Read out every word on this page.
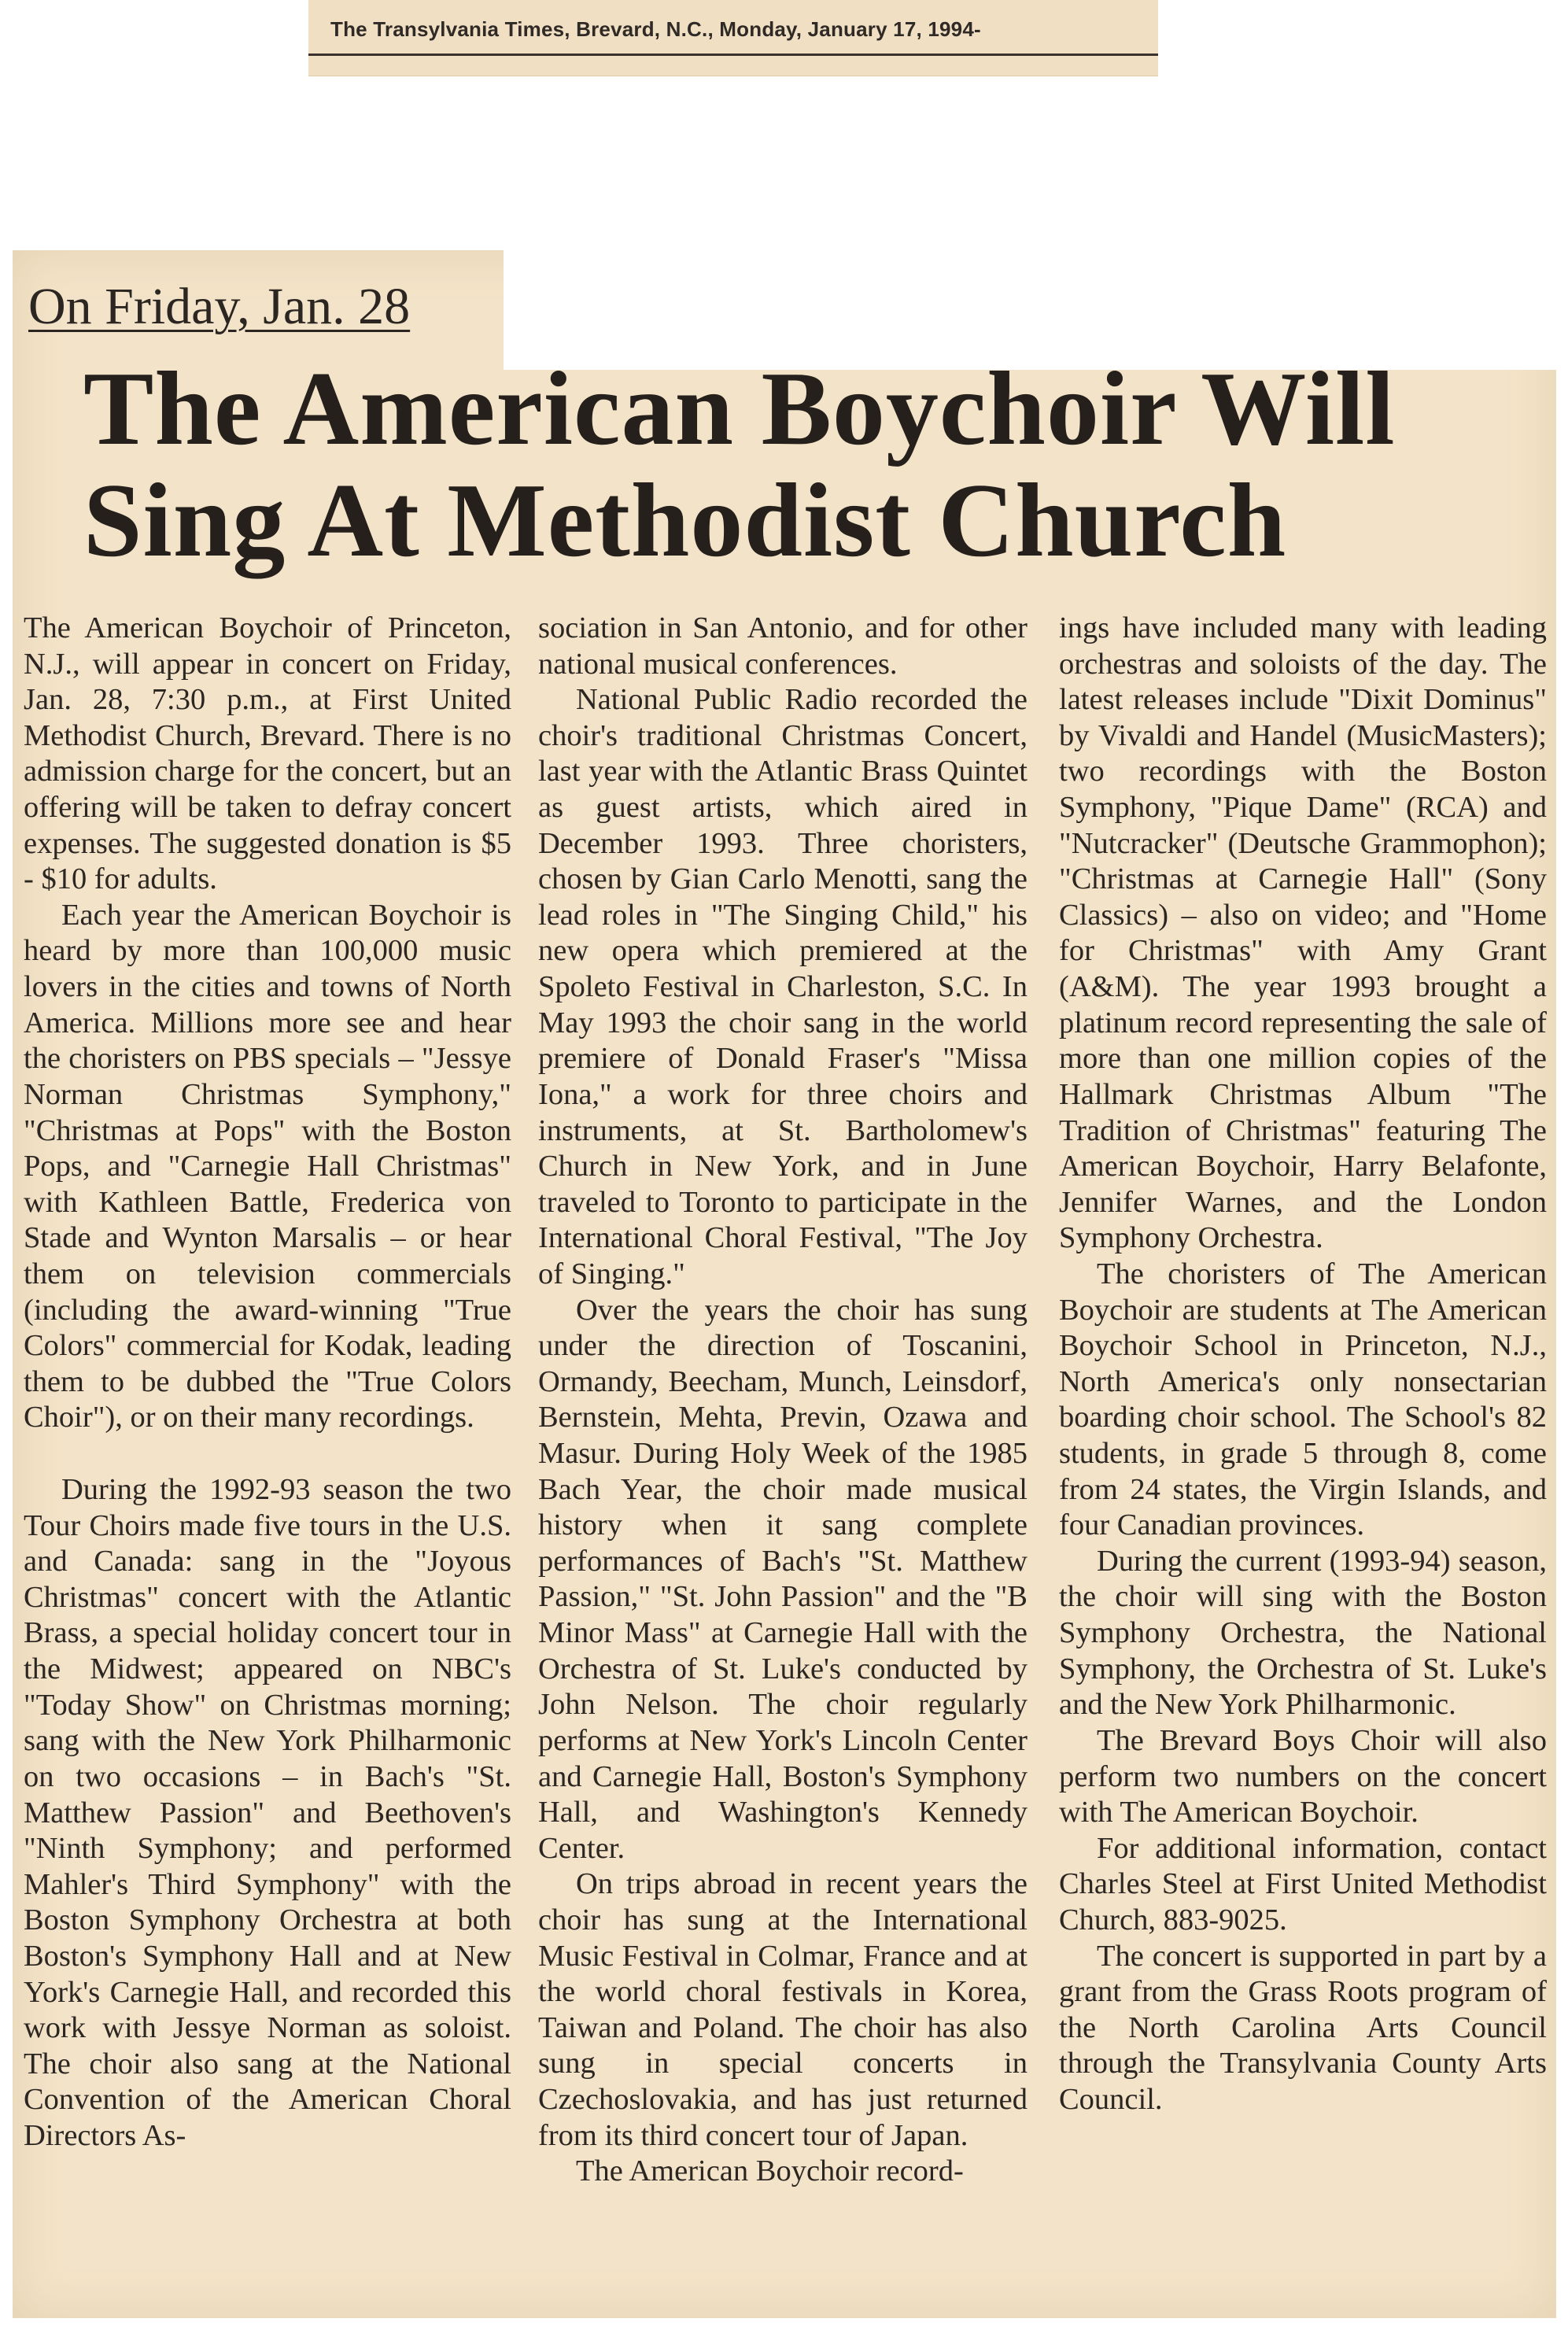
The Transylvania Times, Brevard, N.C., Monday, January 17, 1994-
On Friday, Jan. 28
The American Boychoir Will Sing At Methodist Church

The American Boychoir of Princeton, N.J., will appear in concert on Friday, Jan. 28, 7:30 p.m., at First United Methodist Church, Brevard. There is no admission charge for the concert, but an offering will be taken to defray concert expenses. The suggested donation is $5 - $10 for adults.

Each year the American Boychoir is heard by more than 100,000 music lovers in the cities and towns of North America. Millions more see and hear the choristers on PBS specials – "Jessye Norman Christmas Symphony," "Christmas at Pops" with the Boston Pops, and "Carnegie Hall Christmas" with Kathleen Battle, Frederica von Stade and Wynton Marsalis – or hear them on television commercials (including the award-winning "True Colors" commercial for Kodak, leading them to be dubbed the "True Colors Choir"), or on their many recordings.

During the 1992-93 season the two Tour Choirs made five tours in the U.S. and Canada: sang in the "Joyous Christmas" concert with the Atlantic Brass, a special holiday concert tour in the Midwest; appeared on NBC's "Today Show" on Christmas morning; sang with the New York Philharmonic on two occasions – in Bach's "St. Matthew Passion" and Beethoven's "Ninth Symphony; and performed Mahler's Third Symphony" with the Boston Symphony Orchestra at both Boston's Symphony Hall and at New York's Carnegie Hall, and recorded this work with Jessye Norman as soloist. The choir also sang at the National Convention of the American Choral Directors As-

sociation in San Antonio, and for other national musical conferences.

National Public Radio recorded the choir's traditional Christmas Concert, last year with the Atlantic Brass Quintet as guest artists, which aired in December 1993. Three choristers, chosen by Gian Carlo Menotti, sang the lead roles in "The Singing Child," his new opera which premiered at the Spoleto Festival in Charleston, S.C. In May 1993 the choir sang in the world premiere of Donald Fraser's "Missa Iona," a work for three choirs and instruments, at St. Bartholomew's Church in New York, and in June traveled to Toronto to participate in the International Choral Festival, "The Joy of Singing."

Over the years the choir has sung under the direction of Toscanini, Ormandy, Beecham, Munch, Leinsdorf, Bernstein, Mehta, Previn, Ozawa and Masur. During Holy Week of the 1985 Bach Year, the choir made musical history when it sang complete performances of Bach's "St. Matthew Passion," "St. John Passion" and the "B Minor Mass" at Carnegie Hall with the Orchestra of St. Luke's conducted by John Nelson. The choir regularly performs at New York's Lincoln Center and Carnegie Hall, Boston's Symphony Hall, and Washington's Kennedy Center.

On trips abroad in recent years the choir has sung at the International Music Festival in Colmar, France and at the world choral festivals in Korea, Taiwan and Poland. The choir has also sung in special concerts in Czechoslovakia, and has just returned from its third concert tour of Japan.

The American Boychoir record-

ings have included many with leading orchestras and soloists of the day. The latest releases include "Dixit Dominus" by Vivaldi and Handel (MusicMasters); two recordings with the Boston Symphony, "Pique Dame" (RCA) and "Nutcracker" (Deutsche Grammophon); "Christmas at Carnegie Hall" (Sony Classics) – also on video; and "Home for Christmas" with Amy Grant (A&M). The year 1993 brought a platinum record representing the sale of more than one million copies of the Hallmark Christmas Album "The Tradition of Christmas" featuring The American Boychoir, Harry Belafonte, Jennifer Warnes, and the London Symphony Orchestra.

The choristers of The American Boychoir are students at The American Boychoir School in Princeton, N.J., North America's only nonsectarian boarding choir school. The School's 82 students, in grade 5 through 8, come from 24 states, the Virgin Islands, and four Canadian provinces.

During the current (1993-94) season, the choir will sing with the Boston Symphony Orchestra, the National Symphony, the Orchestra of St. Luke's and the New York Philharmonic.

The Brevard Boys Choir will also perform two numbers on the concert with The American Boychoir.

For additional information, contact Charles Steel at First United Methodist Church, 883-9025.

The concert is supported in part by a grant from the Grass Roots program of the North Carolina Arts Council through the Transylvania County Arts Council.
